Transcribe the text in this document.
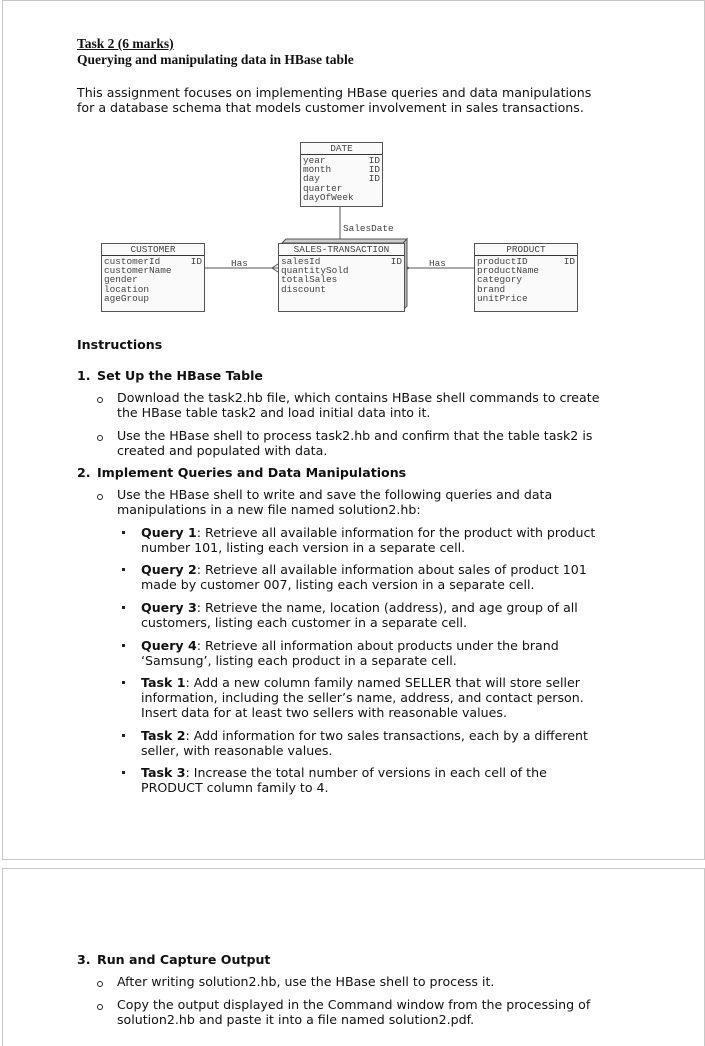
Task 2 (6 marks)
Querying and manipulating data in HBase table
This assignment focuses on implementing HBase queries and data manipulations
for a database schema that models customer involvement in sales transactions.
SalesDate
Has	Has
DATE
year	ID
month	ID
day	ID
quarter
dayOfWeek
CUSTOMER
customerId	ID
customerName
gender
location
ageGroup
SALES-TRANSACTION
salesId	ID
quantitySold
totalSales
discount
PRODUCT
productID	ID
productName
category
brand
unitPrice
Instructions
1. Set Up the HBase Table
Download the task2.hb file, which contains HBase shell commands to create
the HBase table task2 and load initial data into it.
Use the HBase shell to process task2.hb and confirm that the table task2 is
created and populated with data.
2. Implement Queries and Data Manipulations
Use the HBase shell to write and save the following queries and data
manipulations in a new file named solution2.hb:
Query 1: Retrieve all available information for the product with product
number 101, listing each version in a separate cell.
Query 2: Retrieve all available information about sales of product 101
made by customer 007, listing each version in a separate cell.
Query 3: Retrieve the name, location (address), and age group of all
customers, listing each customer in a separate cell.
Query 4: Retrieve all information about products under the brand
‘Samsung’, listing each product in a separate cell.
Task 1: Add a new column family named SELLER that will store seller
information, including the seller’s name, address, and contact person.
Insert data for at least two sellers with reasonable values.
Task 2: Add information for two sales transactions, each by a different
seller, with reasonable values.
Task 3: Increase the total number of versions in each cell of the
PRODUCT column family to 4.
3. Run and Capture Output
After writing solution2.hb, use the HBase shell to process it.
Copy the output displayed in the Command window from the processing of
solution2.hb and paste it into a file named solution2.pdf.
